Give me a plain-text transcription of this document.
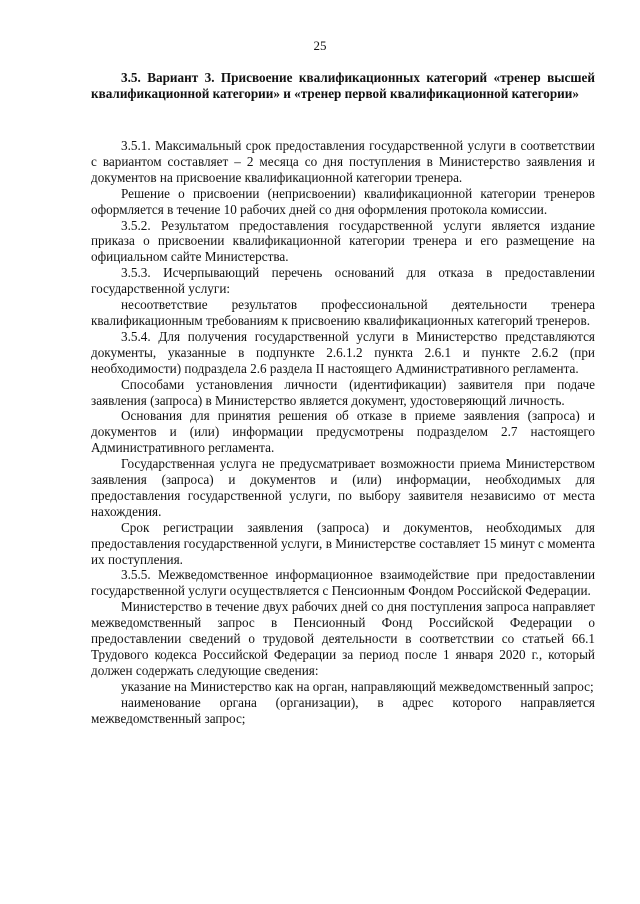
25

3.5. Вариант 3. Присвоение квалификационных категорий «тренер высшей квалификационной категории» и «тренер первой квалификационной категории»

3.5.1. Максимальный срок предоставления государственной услуги в соответствии с вариантом составляет – 2 месяца со дня поступления в Министерство заявления и документов на присвоение квалификационной категории тренера.

Решение о присвоении (неприсвоении) квалификационной категории тренеров оформляется в течение 10 рабочих дней со дня оформления протокола комиссии.

3.5.2. Результатом предоставления государственной услуги является издание приказа о присвоении квалификационной категории тренера и его размещение на официальном сайте Министерства.

3.5.3. Исчерпывающий перечень оснований для отказа в предоставлении государственной услуги:

несоответствие результатов профессиональной деятельности тренера квалификационным требованиям к присвоению квалификационных категорий тренеров.

3.5.4. Для получения государственной услуги в Министерство представляются документы, указанные в подпункте 2.6.1.2 пункта 2.6.1 и пункте 2.6.2 (при необходимости) подраздела 2.6 раздела II настоящего Административного регламента.

Способами установления личности (идентификации) заявителя при подаче заявления (запроса) в Министерство является документ, удостоверяющий личность.

Основания для принятия решения об отказе в приеме заявления (запроса) и документов и (или) информации предусмотрены подразделом 2.7 настоящего Административного регламента.

Государственная услуга не предусматривает возможности приема Министерством заявления (запроса) и документов и (или) информации, необходимых для предоставления государственной услуги, по выбору заявителя независимо от места нахождения.

Срок регистрации заявления (запроса) и документов, необходимых для предоставления государственной услуги, в Министерстве составляет 15 минут с момента их поступления.

3.5.5. Межведомственное информационное взаимодействие при предоставлении государственной услуги осуществляется с Пенсионным Фондом Российской Федерации.

Министерство в течение двух рабочих дней со дня поступления запроса направляет межведомственный запрос в Пенсионный Фонд Российской Федерации о предоставлении сведений о трудовой деятельности в соответствии со статьей 66.1 Трудового кодекса Российской Федерации за период после 1 января 2020 г., который должен содержать следующие сведения:

указание на Министерство как на орган, направляющий межведомственный запрос;

наименование органа (организации), в адрес которого направляется межведомственный запрос;
